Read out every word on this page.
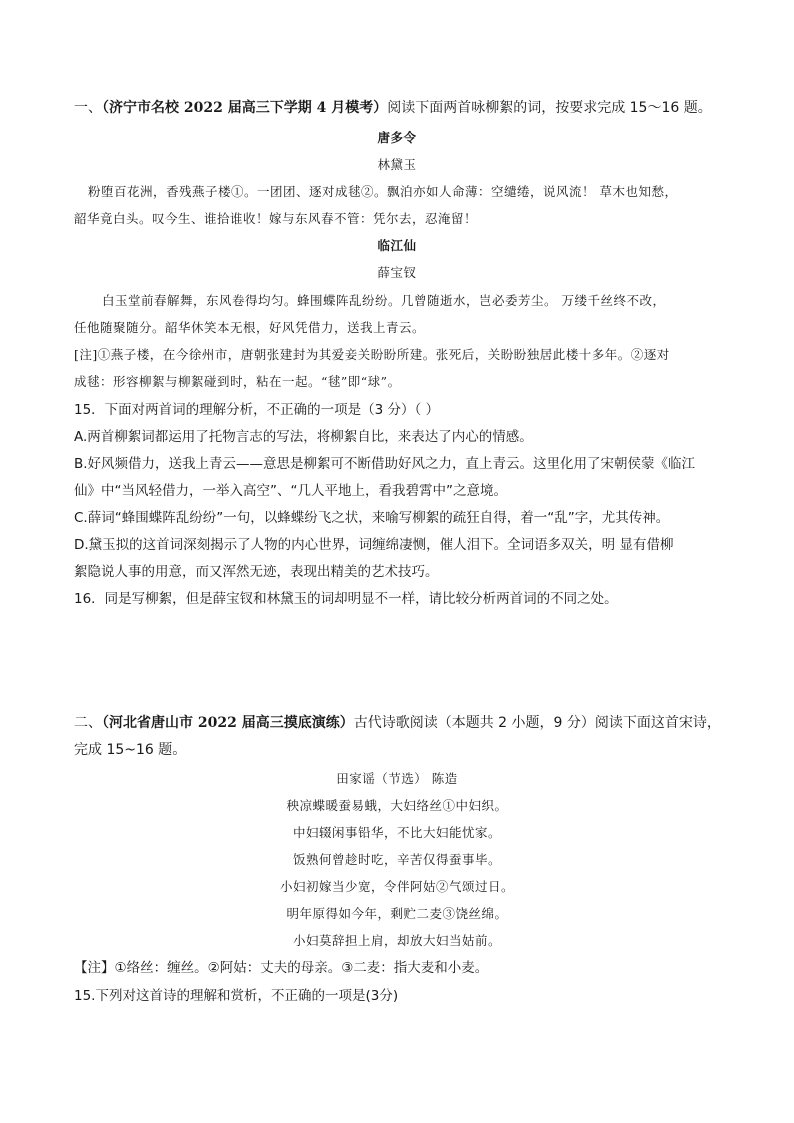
一、（济宁市名校 2022 届高三下学期 4 月模考）阅读下面两首咏柳絮的词，按要求完成 15～16 题。
唐多令
林黛玉
粉堕百花洲，香残燕子楼①。一团团、逐对成毬②。飘泊亦如人命薄：空缱绻，说风流！ 草木也知愁，
韶华竟白头。叹今生、谁拾谁收！嫁与东风春不管：凭尔去，忍淹留！
临江仙
薛宝钗
白玉堂前春解舞，东风卷得均匀。蜂围蝶阵乱纷纷。几曾随逝水，岂必委芳尘。 万缕千丝终不改，
任他随聚随分。韶华休笑本无根，好风凭借力，送我上青云。
[注]①燕子楼，在今徐州市，唐朝张建封为其爱妾关盼盼所建。张死后，关盼盼独居此楼十多年。②逐对
成毬：形容柳絮与柳絮碰到时，粘在一起。“毬”即“球”。
15．下面对两首词的理解分析，不正确的一项是（3 分）（ ）
A.两首柳絮词都运用了托物言志的写法，将柳絮自比，来表达了内心的情感。
B.好风频借力，送我上青云——意思是柳絮可不断借助好风之力，直上青云。这里化用了宋朝侯蒙《临江
仙》中“当风轻借力，一举入高空”、“几人平地上，看我碧霄中”之意境。
C.薛词“蜂围蝶阵乱纷纷”一句，以蜂蝶纷飞之状，来喻写柳絮的疏狂自得，着一“乱”字，尤其传神。
D.黛玉拟的这首词深刻揭示了人物的内心世界，词缠绵凄恻，催人泪下。全词语多双关，明 显有借柳
絮隐说人事的用意，而又浑然无迹，表现出精美的艺术技巧。
16．同是写柳絮，但是薛宝钗和林黛玉的词却明显不一样，请比较分析两首词的不同之处。
二、（河北省唐山市 2022 届高三摸底演练）古代诗歌阅读（本题共 2 小题，9 分）阅读下面这首宋诗，
完成 15~16 题。
田家谣（节选） 陈造
秧凉蝶暖蚕易蛾，大妇络丝①中妇织。
中妇辍闲事铅华，不比大妇能忧家。
饭熟何曾趁时吃，辛苦仅得蚕事毕。
小妇初嫁当少宽，令伴阿姑②气颂过日。
明年原得如今年，剩贮二麦③饶丝绵。
小妇莫辞担上肩，却放大妇当姑前。
【注】①络丝：缠丝。②阿姑：丈夫的母亲。③二麦：指大麦和小麦。
15.下列对这首诗的理解和赏析，不正确的一项是(3分)
